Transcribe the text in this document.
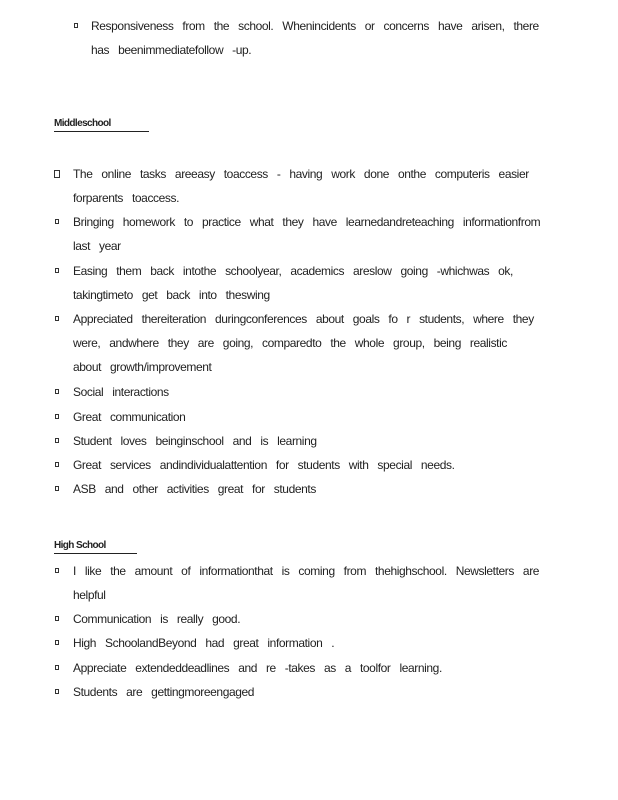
Responsiveness from the school. Whenincidents or concerns have arisen, there has beenimmediatefollow -up.
Middleschool
The online tasks areeasy toaccess - having work done onthe computeris easier forparents toaccess.
Bringing homework to practice what they have learnedandreteaching informationfrom last year
Easing them back intothe schoolyear, academics areslow going -whichwas ok, takingtimeto get back into theswing
Appreciated thereiteration duringconferences about goals fo r students, where they were, andwhere they are going, comparedto the whole group, being realistic about growth/improvement
Social interactions
Great communication
Student loves beinginschool and is learning
Great services andindividualattention for students with special needs.
ASB and other activities great for students
High School
I like the amount of informationthat is coming from thehighschool. Newsletters are helpful
Communication is really good.
High SchoolandBeyond had great information .
Appreciate extendeddeadlines and re -takes as a toolfor learning.
Students are gettingmoreengaged
